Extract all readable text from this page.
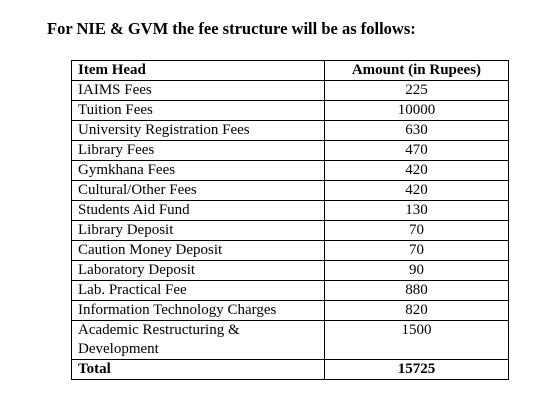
For NIE & GVM the fee structure will be as follows:
Item Head	Amount (in Rupees)
IAIMS Fees	225
Tuition Fees	10000
University Registration Fees	630
Library Fees	470
Gymkhana Fees	420
Cultural/Other Fees	420
Students Aid Fund	130
Library Deposit	70
Caution Money Deposit	70
Laboratory Deposit	90
Lab. Practical Fee	880
Information Technology Charges	820
Academic Restructuring & Development	1500
Total	15725
